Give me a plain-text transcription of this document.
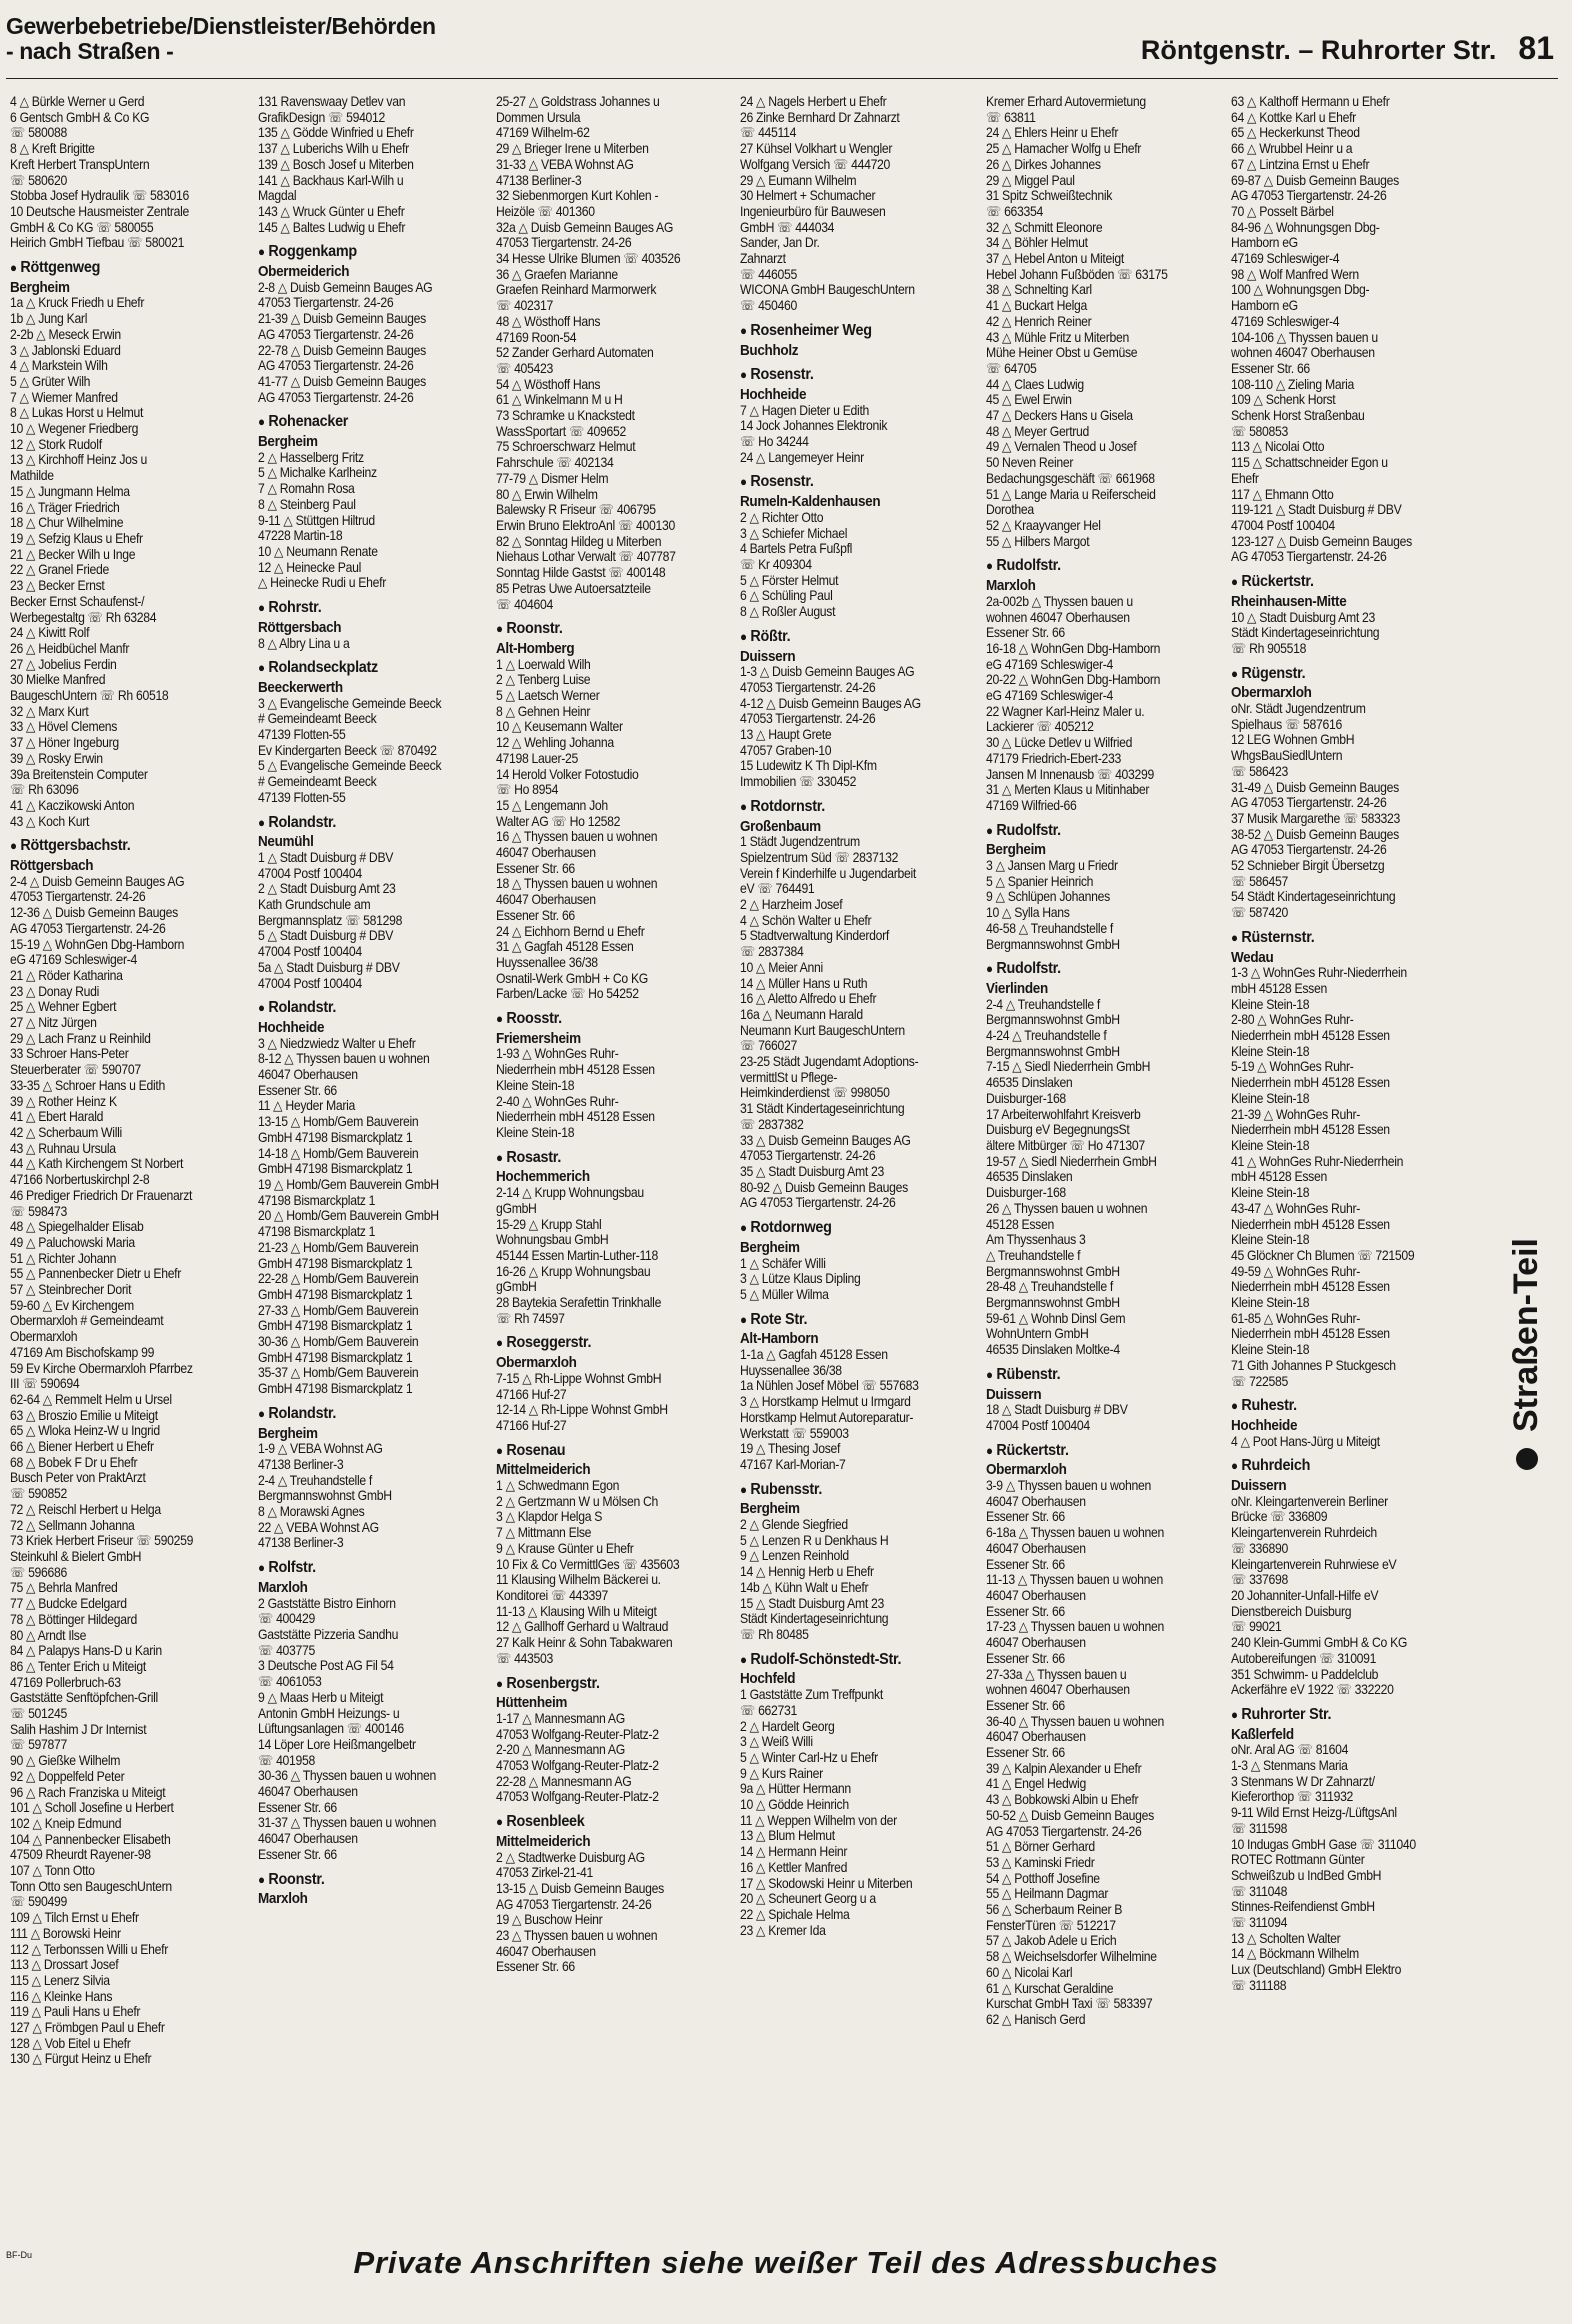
Gewerbebetriebe/Dienstleister/Behörden
- nach Straßen -	Röntgenstr. – Ruhrorter Str. 81
4 △ Bürkle Werner u Gerd
6 Gentsch GmbH & Co KG
☏ 580088
8 △ Kreft Brigitte
Kreft Herbert TranspUntern
☏ 580620
Stobba Josef Hydraulik ☏ 583016
10 Deutsche Hausmeister Zentrale
GmbH & Co KG ☏ 580055
Heirich GmbH Tiefbau ☏ 580021
● Röttgenweg
Bergheim
1a △ Kruck Friedh u Ehefr
1b △ Jung Karl
2-2b △ Meseck Erwin
3 △ Jablonski Eduard
4 △ Markstein Wilh
5 △ Grüter Wilh
7 △ Wiemer Manfred
8 △ Lukas Horst u Helmut
10 △ Wegener Friedberg
12 △ Stork Rudolf
13 △ Kirchhoff Heinz Jos u
Mathilde
15 △ Jungmann Helma
16 △ Träger Friedrich
18 △ Chur Wilhelmine
19 △ Sefzig Klaus u Ehefr
21 △ Becker Wilh u Inge
22 △ Granel Friede
23 △ Becker Ernst
Becker Ernst Schaufenst-/
Werbegestaltg ☏ Rh 63284
24 △ Kiwitt Rolf
26 △ Heidbüchel Manfr
27 △ Jobelius Ferdin
30 Mielke Manfred
BaugeschUntern ☏ Rh 60518
32 △ Marx Kurt
33 △ Hövel Clemens
37 △ Höner Ingeburg
39 △ Rosky Erwin
39a Breitenstein Computer
☏ Rh 63096
41 △ Kaczikowski Anton
43 △ Koch Kurt
● Röttgersbachstr.
Röttgersbach
2-4 △ Duisb Gemeinn Bauges AG
47053 Tiergartenstr. 24-26
12-36 △ Duisb Gemeinn Bauges
AG 47053 Tiergartenstr. 24-26
15-19 △ WohnGen Dbg-Hamborn
eG 47169 Schleswiger-4
21 △ Röder Katharina
23 △ Donay Rudi
25 △ Wehner Egbert
27 △ Nitz Jürgen
29 △ Lach Franz u Reinhild
33 Schroer Hans-Peter
Steuerberater ☏ 590707
33-35 △ Schroer Hans u Edith
39 △ Rother Heinz K
41 △ Ebert Harald
42 △ Scherbaum Willi
43 △ Ruhnau Ursula
44 △ Kath Kirchengem St Norbert
47166 Norbertuskirchpl 2-8
46 Prediger Friedrich Dr Frauenarzt
☏ 598473
48 △ Spiegelhalder Elisab
49 △ Paluchowski Maria
51 △ Richter Johann
55 △ Pannenbecker Dietr u Ehefr
57 △ Steinbrecher Dorit
59-60 △ Ev Kirchengem
Obermarxloh # Gemeindeamt
Obermarxloh
47169 Am Bischofskamp 99
59 Ev Kirche Obermarxloh Pfarrbez
III ☏ 590694
62-64 △ Remmelt Helm u Ursel
63 △ Broszio Emilie u Miteigt
65 △ Wloka Heinz-W u Ingrid
66 △ Biener Herbert u Ehefr
68 △ Bobek F Dr u Ehefr
Busch Peter von PraktArzt
☏ 590852
72 △ Reischl Herbert u Helga
72 △ Sellmann Johanna
73 Kriek Herbert Friseur ☏ 590259
Steinkuhl & Bielert GmbH
☏ 596686
75 △ Behrla Manfred
77 △ Budcke Edelgard
78 △ Böttinger Hildegard
80 △ Arndt Ilse
84 △ Palapys Hans-D u Karin
86 △ Tenter Erich u Miteigt
47169 Pollerbruch-63
Gaststätte Senftöpfchen-Grill
☏ 501245
Salih Hashim J Dr Internist
☏ 597877
90 △ Gießke Wilhelm
92 △ Doppelfeld Peter
96 △ Rach Franziska u Miteigt
101 △ Scholl Josefine u Herbert
102 △ Kneip Edmund
104 △ Pannenbecker Elisabeth
47509 Rheurdt Rayener-98
107 △ Tonn Otto
Tonn Otto sen BaugeschUntern
☏ 590499
109 △ Tilch Ernst u Ehefr
111 △ Borowski Heinr
112 △ Terbonssen Willi u Ehefr
113 △ Drossart Josef
115 △ Lenerz Silvia
116 △ Kleinke Hans
119 △ Pauli Hans u Ehefr
127 △ Frömbgen Paul u Ehefr
128 △ Vob Eitel u Ehefr
130 △ Fürgut Heinz u Ehefr
131 Ravenswaay Detlev van
GrafikDesign ☏ 594012
135 △ Gödde Winfried u Ehefr
137 △ Luberichs Wilh u Ehefr
139 △ Bosch Josef u Miterben
141 △ Backhaus Karl-Wilh u
Magdal
143 △ Wruck Günter u Ehefr
145 △ Baltes Ludwig u Ehefr
● Roggenkamp
Obermeiderich
2-8 △ Duisb Gemeinn Bauges AG
47053 Tiergartenstr. 24-26
21-39 △ Duisb Gemeinn Bauges
AG 47053 Tiergartenstr. 24-26
22-78 △ Duisb Gemeinn Bauges
AG 47053 Tiergartenstr. 24-26
41-77 △ Duisb Gemeinn Bauges
AG 47053 Tiergartenstr. 24-26
● Rohenacker
Bergheim
2 △ Hasselberg Fritz
5 △ Michalke Karlheinz
7 △ Romahn Rosa
8 △ Steinberg Paul
9-11 △ Stüttgen Hiltrud
47228 Martin-18
10 △ Neumann Renate
12 △ Heinecke Paul
△ Heinecke Rudi u Ehefr
● Rohrstr.
Röttgersbach
8 △ Albry Lina u a
● Rolandseckplatz
Beeckerwerth
3 △ Evangelische Gemeinde Beeck
# Gemeindeamt Beeck
47139 Flotten-55
Ev Kindergarten Beeck ☏ 870492
5 △ Evangelische Gemeinde Beeck
# Gemeindeamt Beeck
47139 Flotten-55
● Rolandstr.
Neumühl
1 △ Stadt Duisburg # DBV
47004 Postf 100404
2 △ Stadt Duisburg Amt 23
Kath Grundschule am
Bergmannsplatz ☏ 581298
5 △ Stadt Duisburg # DBV
47004 Postf 100404
5a △ Stadt Duisburg # DBV
47004 Postf 100404
● Rolandstr.
Hochheide
3 △ Niedzwiedz Walter u Ehefr
8-12 △ Thyssen bauen u wohnen
46047 Oberhausen
Essener Str. 66
11 △ Heyder Maria
13-15 △ Homb/Gem Bauverein
GmbH 47198 Bismarckplatz 1
14-18 △ Homb/Gem Bauverein
GmbH 47198 Bismarckplatz 1
19 △ Homb/Gem Bauverein GmbH
47198 Bismarckplatz 1
20 △ Homb/Gem Bauverein GmbH
47198 Bismarckplatz 1
21-23 △ Homb/Gem Bauverein
GmbH 47198 Bismarckplatz 1
22-28 △ Homb/Gem Bauverein
GmbH 47198 Bismarckplatz 1
27-33 △ Homb/Gem Bauverein
GmbH 47198 Bismarckplatz 1
30-36 △ Homb/Gem Bauverein
GmbH 47198 Bismarckplatz 1
35-37 △ Homb/Gem Bauverein
GmbH 47198 Bismarckplatz 1
● Rolandstr.
Bergheim
1-9 △ VEBA Wohnst AG
47138 Berliner-3
2-4 △ Treuhandstelle f
Bergmannswohnst GmbH
8 △ Morawski Agnes
22 △ VEBA Wohnst AG
47138 Berliner-3
● Rolfstr.
Marxloh
2 Gaststätte Bistro Einhorn
☏ 400429
Gaststätte Pizzeria Sandhu
☏ 403775
3 Deutsche Post AG Fil 54
☏ 4061053
9 △ Maas Herb u Miteigt
Antonin GmbH Heizungs- u
Lüftungsanlagen ☏ 400146
14 Löper Lore Heißmangelbetr
☏ 401958
30-36 △ Thyssen bauen u wohnen
46047 Oberhausen
Essener Str. 66
31-37 △ Thyssen bauen u wohnen
46047 Oberhausen
Essener Str. 66
● Roonstr.
Marxloh
25-27 △ Goldstrass Johannes u
Dommen Ursula
47169 Wilhelm-62
29 △ Brieger Irene u Miterben
31-33 △ VEBA Wohnst AG
47138 Berliner-3
32 Siebenmorgen Kurt Kohlen -
Heizöle ☏ 401360
32a △ Duisb Gemeinn Bauges AG
47053 Tiergartenstr. 24-26
34 Hesse Ulrike Blumen ☏ 403526
36 △ Graefen Marianne
Graefen Reinhard Marmorwerk
☏ 402317
48 △ Wösthoff Hans
47169 Roon-54
52 Zander Gerhard Automaten
☏ 405423
54 △ Wösthoff Hans
61 △ Winkelmann M u H
73 Schramke u Knackstedt
WassSportart ☏ 409652
75 Schroerschwarz Helmut
Fahrschule ☏ 402134
77-79 △ Dismer Helm
80 △ Erwin Wilhelm
Balewsky R Friseur ☏ 406795
Erwin Bruno ElektroAnl ☏ 400130
82 △ Sonntag Hildeg u Miterben
Niehaus Lothar Verwalt ☏ 407787
Sonntag Hilde Gastst ☏ 400148
85 Petras Uwe Autoersatzteile
☏ 404604
● Roonstr.
Alt-Homberg
1 △ Loerwald Wilh
2 △ Tenberg Luise
5 △ Laetsch Werner
8 △ Gehnen Heinr
10 △ Keusemann Walter
12 △ Wehling Johanna
47198 Lauer-25
14 Herold Volker Fotostudio
☏ Ho 8954
15 △ Lengemann Joh
Walter AG ☏ Ho 12582
16 △ Thyssen bauen u wohnen
46047 Oberhausen
Essener Str. 66
18 △ Thyssen bauen u wohnen
46047 Oberhausen
Essener Str. 66
24 △ Eichhorn Bernd u Ehefr
31 △ Gagfah 45128 Essen
Huyssenallee 36/38
Osnatil-Werk GmbH + Co KG
Farben/Lacke ☏ Ho 54252
● Roosstr.
Friemersheim
1-93 △ WohnGes Ruhr-
Niederrhein mbH 45128 Essen
Kleine Stein-18
2-40 △ WohnGes Ruhr-
Niederrhein mbH 45128 Essen
Kleine Stein-18
● Rosastr.
Hochemmerich
2-14 △ Krupp Wohnungsbau
gGmbH
15-29 △ Krupp Stahl
Wohnungsbau GmbH
45144 Essen Martin-Luther-118
16-26 △ Krupp Wohnungsbau
gGmbH
28 Baytekia Serafettin Trinkhalle
☏ Rh 74597
● Roseggerstr.
Obermarxloh
7-15 △ Rh-Lippe Wohnst GmbH
47166 Huf-27
12-14 △ Rh-Lippe Wohnst GmbH
47166 Huf-27
● Rosenau
Mittelmeiderich
1 △ Schwedmann Egon
2 △ Gertzmann W u Mölsen Ch
3 △ Klapdor Helga S
7 △ Mittmann Else
9 △ Krause Günter u Ehefr
10 Fix & Co VermittlGes ☏ 435603
11 Klausing Wilhelm Bäckerei u.
Konditorei ☏ 443397
11-13 △ Klausing Wilh u Miteigt
12 △ Gallhoff Gerhard u Waltraud
27 Kalk Heinr & Sohn Tabakwaren
☏ 443503
● Rosenbergstr.
Hüttenheim
1-17 △ Mannesmann AG
47053 Wolfgang-Reuter-Platz-2
2-20 △ Mannesmann AG
47053 Wolfgang-Reuter-Platz-2
22-28 △ Mannesmann AG
47053 Wolfgang-Reuter-Platz-2
● Rosenbleek
Mittelmeiderich
2 △ Stadtwerke Duisburg AG
47053 Zirkel-21-41
13-15 △ Duisb Gemeinn Bauges
AG 47053 Tiergartenstr. 24-26
19 △ Buschow Heinr
23 △ Thyssen bauen u wohnen
46047 Oberhausen
Essener Str. 66
24 △ Nagels Herbert u Ehefr
26 Zinke Bernhard Dr Zahnarzt
☏ 445114
27 Kühsel Volkhart u Wengler
Wolfgang Versich ☏ 444720
29 △ Eumann Wilhelm
30 Helmert + Schumacher
Ingenieurbüro für Bauwesen
GmbH ☏ 444034
Sander, Jan Dr.
Zahnarzt
☏ 446055
WICONA GmbH BaugeschUntern
☏ 450460
● Rosenheimer Weg
Buchholz
● Rosenstr.
Hochheide
7 △ Hagen Dieter u Edith
14 Jock Johannes Elektronik
☏ Ho 34244
24 △ Langemeyer Heinr
● Rosenstr.
Rumeln-Kaldenhausen
2 △ Richter Otto
3 △ Schiefer Michael
4 Bartels Petra Fußpfl
☏ Kr 409304
5 △ Förster Helmut
6 △ Schüling Paul
8 △ Roßler August
● Rößtr.
Duissern
1-3 △ Duisb Gemeinn Bauges AG
47053 Tiergartenstr. 24-26
4-12 △ Duisb Gemeinn Bauges AG
47053 Tiergartenstr. 24-26
13 △ Haupt Grete
47057 Graben-10
15 Ludewitz K Th Dipl-Kfm
Immobilien ☏ 330452
● Rotdornstr.
Großenbaum
1 Städt Jugendzentrum
Spielzentrum Süd ☏ 2837132
Verein f Kinderhilfe u Jugendarbeit
eV ☏ 764491
2 △ Harzheim Josef
4 △ Schön Walter u Ehefr
5 Stadtverwaltung Kinderdorf
☏ 2837384
10 △ Meier Anni
14 △ Müller Hans u Ruth
16 △ Aletto Alfredo u Ehefr
16a △ Neumann Harald
Neumann Kurt BaugeschUntern
☏ 766027
23-25 Städt Jugendamt Adoptions-
vermittlSt u Pflege-
Heimkinderdienst ☏ 998050
31 Städt Kindertageseinrichtung
☏ 2837382
33 △ Duisb Gemeinn Bauges AG
47053 Tiergartenstr. 24-26
35 △ Stadt Duisburg Amt 23
80-92 △ Duisb Gemeinn Bauges
AG 47053 Tiergartenstr. 24-26
● Rotdornweg
Bergheim
1 △ Schäfer Willi
3 △ Lütze Klaus Dipling
5 △ Müller Wilma
● Rote Str.
Alt-Hamborn
1-1a △ Gagfah 45128 Essen
Huyssenallee 36/38
1a Nühlen Josef Möbel ☏ 557683
3 △ Horstkamp Helmut u Irmgard
Horstkamp Helmut Autoreparatur-
Werkstatt ☏ 559003
19 △ Thesing Josef
47167 Karl-Morian-7
● Rubensstr.
Bergheim
2 △ Glende Siegfried
5 △ Lenzen R u Denkhaus H
9 △ Lenzen Reinhold
14 △ Hennig Herb u Ehefr
14b △ Kühn Walt u Ehefr
15 △ Stadt Duisburg Amt 23
Städt Kindertageseinrichtung
☏ Rh 80485
● Rudolf-Schönstedt-Str.
Hochfeld
1 Gaststätte Zum Treffpunkt
☏ 662731
2 △ Hardelt Georg
3 △ Weiß Willi
5 △ Winter Carl-Hz u Ehefr
9 △ Kurs Rainer
9a △ Hütter Hermann
10 △ Gödde Heinrich
11 △ Weppen Wilhelm von der
13 △ Blum Helmut
14 △ Hermann Heinr
16 △ Kettler Manfred
17 △ Skodowski Heinr u Miterben
20 △ Scheunert Georg u a
22 △ Spichale Helma
23 △ Kremer Ida
Kremer Erhard Autovermietung
☏ 63811
24 △ Ehlers Heinr u Ehefr
25 △ Hamacher Wolfg u Ehefr
26 △ Dirkes Johannes
29 △ Miggel Paul
31 Spitz Schweißtechnik
☏ 663354
32 △ Schmitt Eleonore
34 △ Böhler Helmut
37 △ Hebel Anton u Miteigt
Hebel Johann Fußböden ☏ 63175
38 △ Schnelting Karl
41 △ Buckart Helga
42 △ Henrich Reiner
43 △ Mühle Fritz u Miterben
Mühe Heiner Obst u Gemüse
☏ 64705
44 △ Claes Ludwig
45 △ Ewel Erwin
47 △ Deckers Hans u Gisela
48 △ Meyer Gertrud
49 △ Vernalen Theod u Josef
50 Neven Reiner
Bedachungsgeschäft ☏ 661968
51 △ Lange Maria u Reiferscheid
Dorothea
52 △ Kraayvanger Hel
55 △ Hilbers Margot
● Rudolfstr.
Marxloh
2a-002b △ Thyssen bauen u
wohnen 46047 Oberhausen
Essener Str. 66
16-18 △ WohnGen Dbg-Hamborn
eG 47169 Schleswiger-4
20-22 △ WohnGen Dbg-Hamborn
eG 47169 Schleswiger-4
22 Wagner Karl-Heinz Maler u.
Lackierer ☏ 405212
30 △ Lücke Detlev u Wilfried
47179 Friedrich-Ebert-233
Jansen M Innenausb ☏ 403299
31 △ Merten Klaus u Mitinhaber
47169 Wilfried-66
● Rudolfstr.
Bergheim
3 △ Jansen Marg u Friedr
5 △ Spanier Heinrich
9 △ Schlüpen Johannes
10 △ Sylla Hans
46-58 △ Treuhandstelle f
Bergmannswohnst GmbH
● Rudolfstr.
Vierlinden
2-4 △ Treuhandstelle f
Bergmannswohnst GmbH
4-24 △ Treuhandstelle f
Bergmannswohnst GmbH
7-15 △ Siedl Niederrhein GmbH
46535 Dinslaken
Duisburger-168
17 Arbeiterwohlfahrt Kreisverb
Duisburg eV BegegnungsSt
ältere Mitbürger ☏ Ho 471307
19-57 △ Siedl Niederrhein GmbH
46535 Dinslaken
Duisburger-168
26 △ Thyssen bauen u wohnen
45128 Essen
Am Thyssenhaus 3
△ Treuhandstelle f
Bergmannswohnst GmbH
28-48 △ Treuhandstelle f
Bergmannswohnst GmbH
59-61 △ Wohnb Dinsl Gem
WohnUntern GmbH
46535 Dinslaken Moltke-4
● Rübenstr.
Duissern
18 △ Stadt Duisburg # DBV
47004 Postf 100404
● Rückertstr.
Obermarxloh
3-9 △ Thyssen bauen u wohnen
46047 Oberhausen
Essener Str. 66
6-18a △ Thyssen bauen u wohnen
46047 Oberhausen
Essener Str. 66
11-13 △ Thyssen bauen u wohnen
46047 Oberhausen
Essener Str. 66
17-23 △ Thyssen bauen u wohnen
46047 Oberhausen
Essener Str. 66
27-33a △ Thyssen bauen u
wohnen 46047 Oberhausen
Essener Str. 66
36-40 △ Thyssen bauen u wohnen
46047 Oberhausen
Essener Str. 66
39 △ Kalpin Alexander u Ehefr
41 △ Engel Hedwig
43 △ Bobkowski Albin u Ehefr
50-52 △ Duisb Gemeinn Bauges
AG 47053 Tiergartenstr. 24-26
51 △ Börner Gerhard
53 △ Kaminski Friedr
54 △ Potthoff Josefine
55 △ Heilmann Dagmar
56 △ Scherbaum Reiner B
FensterTüren ☏ 512217
57 △ Jakob Adele u Erich
58 △ Weichselsdorfer Wilhelmine
60 △ Nicolai Karl
61 △ Kurschat Geraldine
Kurschat GmbH Taxi ☏ 583397
62 △ Hanisch Gerd
63 △ Kalthoff Hermann u Ehefr
64 △ Kottke Karl u Ehefr
65 △ Heckerkunst Theod
66 △ Wrubbel Heinr u a
67 △ Lintzina Ernst u Ehefr
69-87 △ Duisb Gemeinn Bauges
AG 47053 Tiergartenstr. 24-26
70 △ Posselt Bärbel
84-96 △ Wohnungsgen Dbg-
Hamborn eG
47169 Schleswiger-4
98 △ Wolf Manfred Wern
100 △ Wohnungsgen Dbg-
Hamborn eG
47169 Schleswiger-4
104-106 △ Thyssen bauen u
wohnen 46047 Oberhausen
Essener Str. 66
108-110 △ Zieling Maria
109 △ Schenk Horst
Schenk Horst Straßenbau
☏ 580853
113 △ Nicolai Otto
115 △ Schattschneider Egon u
Ehefr
117 △ Ehmann Otto
119-121 △ Stadt Duisburg # DBV
47004 Postf 100404
123-127 △ Duisb Gemeinn Bauges
AG 47053 Tiergartenstr. 24-26
● Rückertstr.
Rheinhausen-Mitte
10 △ Stadt Duisburg Amt 23
Städt Kindertageseinrichtung
☏ Rh 905518
● Rügenstr.
Obermarxloh
oNr. Städt Jugendzentrum
Spielhaus ☏ 587616
12 LEG Wohnen GmbH
WhgsBauSiedlUntern
☏ 586423
31-49 △ Duisb Gemeinn Bauges
AG 47053 Tiergartenstr. 24-26
37 Musik Margarethe ☏ 583323
38-52 △ Duisb Gemeinn Bauges
AG 47053 Tiergartenstr. 24-26
52 Schnieber Birgit Übersetzg
☏ 586457
54 Städt Kindertageseinrichtung
☏ 587420
● Rüsternstr.
Wedau
1-3 △ WohnGes Ruhr-Niederrhein
mbH 45128 Essen
Kleine Stein-18
2-80 △ WohnGes Ruhr-
Niederrhein mbH 45128 Essen
Kleine Stein-18
5-19 △ WohnGes Ruhr-
Niederrhein mbH 45128 Essen
Kleine Stein-18
21-39 △ WohnGes Ruhr-
Niederrhein mbH 45128 Essen
Kleine Stein-18
41 △ WohnGes Ruhr-Niederrhein
mbH 45128 Essen
Kleine Stein-18
43-47 △ WohnGes Ruhr-
Niederrhein mbH 45128 Essen
Kleine Stein-18
45 Glöckner Ch Blumen ☏ 721509
49-59 △ WohnGes Ruhr-
Niederrhein mbH 45128 Essen
Kleine Stein-18
61-85 △ WohnGes Ruhr-
Niederrhein mbH 45128 Essen
Kleine Stein-18
71 Gith Johannes P Stuckgesch
☏ 722585
● Ruhestr.
Hochheide
4 △ Poot Hans-Jürg u Miteigt
● Ruhrdeich
Duissern
oNr. Kleingartenverein Berliner
Brücke ☏ 336809
Kleingartenverein Ruhrdeich
☏ 336890
Kleingartenverein Ruhrwiese eV
☏ 337698
20 Johanniter-Unfall-Hilfe eV
Dienstbereich Duisburg
☏ 99021
240 Klein-Gummi GmbH & Co KG
Autobereifungen ☏ 310091
351 Schwimm- u Paddelclub
Ackerfähre eV 1922 ☏ 332220
● Ruhrorter Str.
Kaßlerfeld
oNr. Aral AG ☏ 81604
1-3 △ Stenmans Maria
3 Stenmans W Dr Zahnarzt/
Kieferorthop ☏ 311932
9-11 Wild Ernst Heizg-/LüftgsAnl
☏ 311598
10 Indugas GmbH Gase ☏ 311040
ROTEC Rottmann Günter
Schweißzub u IndBed GmbH
☏ 311048
Stinnes-Reifendienst GmbH
☏ 311094
13 △ Scholten Walter
14 △ Böckmann Wilhelm
Lux (Deutschland) GmbH Elektro
☏ 311188
Straßen-Teil
BF-Du	Private Anschriften siehe weißer Teil des Adressbuches
